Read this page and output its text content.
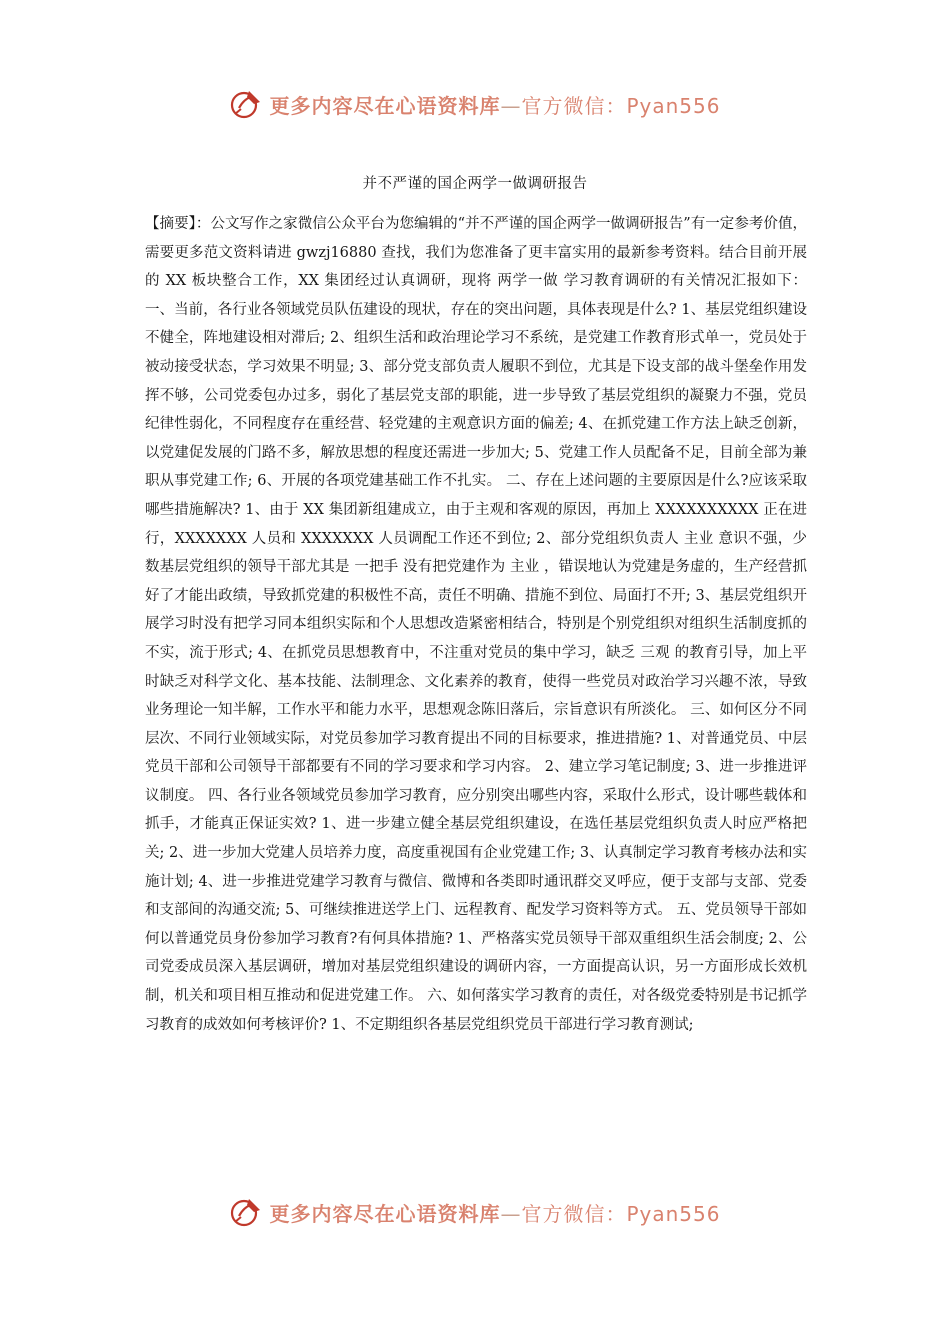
更多内容尽在心语资料库—官方微信：Pyan556
并不严谨的国企两学一做调研报告
【摘要】：公文写作之家微信公众平台为您编辑的“并不严谨的国企两学一做调研报告”有一定参考价值，需要更多范文资料请进 gwzj16880 查找，我们为您准备了更丰富实用的最新参考资料。结合目前开展的 XX 板块整合工作，XX 集团经过认真调研，现将 两学一做 学习教育调研的有关情况汇报如下： 一、当前，各行业各领域党员队伍建设的现状，存在的突出问题，具体表现是什么? 1、基层党组织建设不健全，阵地建设相对滞后; 2、组织生活和政治理论学习不系统，是党建工作教育形式单一，党员处于被动接受状态，学习效果不明显; 3、部分党支部负责人履职不到位，尤其是下设支部的战斗堡垒作用发挥不够，公司党委包办过多，弱化了基层党支部的职能，进一步导致了基层党组织的凝聚力不强，党员纪律性弱化，不同程度存在重经营、轻党建的主观意识方面的偏差; 4、在抓党建工作方法上缺乏创新，以党建促发展的门路不多，解放思想的程度还需进一步加大; 5、党建工作人员配备不足，目前全部为兼职从事党建工作; 6、开展的各项党建基础工作不扎实。 二、存在上述问题的主要原因是什么?应该采取哪些措施解决? 1、由于 XX 集团新组建成立，由于主观和客观的原因，再加上 XXXXXXXXXX 正在进行，XXXXXXX 人员和 XXXXXXX 人员调配工作还不到位; 2、部分党组织负责人 主业 意识不强，少数基层党组织的领导干部尤其是 一把手 没有把党建作为 主业 ，错误地认为党建是务虚的，生产经营抓好了才能出政绩，导致抓党建的积极性不高，责任不明确、措施不到位、局面打不开; 3、基层党组织开展学习时没有把学习同本组织实际和个人思想改造紧密相结合，特别是个别党组织对组织生活制度抓的不实，流于形式; 4、在抓党员思想教育中，不注重对党员的集中学习，缺乏 三观 的教育引导，加上平时缺乏对科学文化、基本技能、法制理念、文化素养的教育，使得一些党员对政治学习兴趣不浓，导致业务理论一知半解，工作水平和能力水平，思想观念陈旧落后，宗旨意识有所淡化。 三、如何区分不同层次、不同行业领域实际，对党员参加学习教育提出不同的目标要求，推进措施? 1、对普通党员、中层党员干部和公司领导干部都要有不同的学习要求和学习内容。 2、建立学习笔记制度; 3、进一步推进评议制度。 四、各行业各领域党员参加学习教育，应分别突出哪些内容，采取什么形式，设计哪些载体和抓手，才能真正保证实效? 1、进一步建立健全基层党组织建设，在选任基层党组织负责人时应严格把关; 2、进一步加大党建人员培养力度，高度重视国有企业党建工作; 3、认真制定学习教育考核办法和实施计划; 4、进一步推进党建学习教育与微信、微博和各类即时通讯群交叉呼应，便于支部与支部、党委和支部间的沟通交流; 5、可继续推进送学上门、远程教育、配发学习资料等方式。 五、党员领导干部如何以普通党员身份参加学习教育?有何具体措施? 1、严格落实党员领导干部双重组织生活会制度; 2、公司党委成员深入基层调研，增加对基层党组织建设的调研内容，一方面提高认识，另一方面形成长效机制，机关和项目相互推动和促进党建工作。 六、如何落实学习教育的责任，对各级党委特别是书记抓学习教育的成效如何考核评价? 1、不定期组织各基层党组织党员干部进行学习教育测试;
更多内容尽在心语资料库—官方微信：Pyan556
